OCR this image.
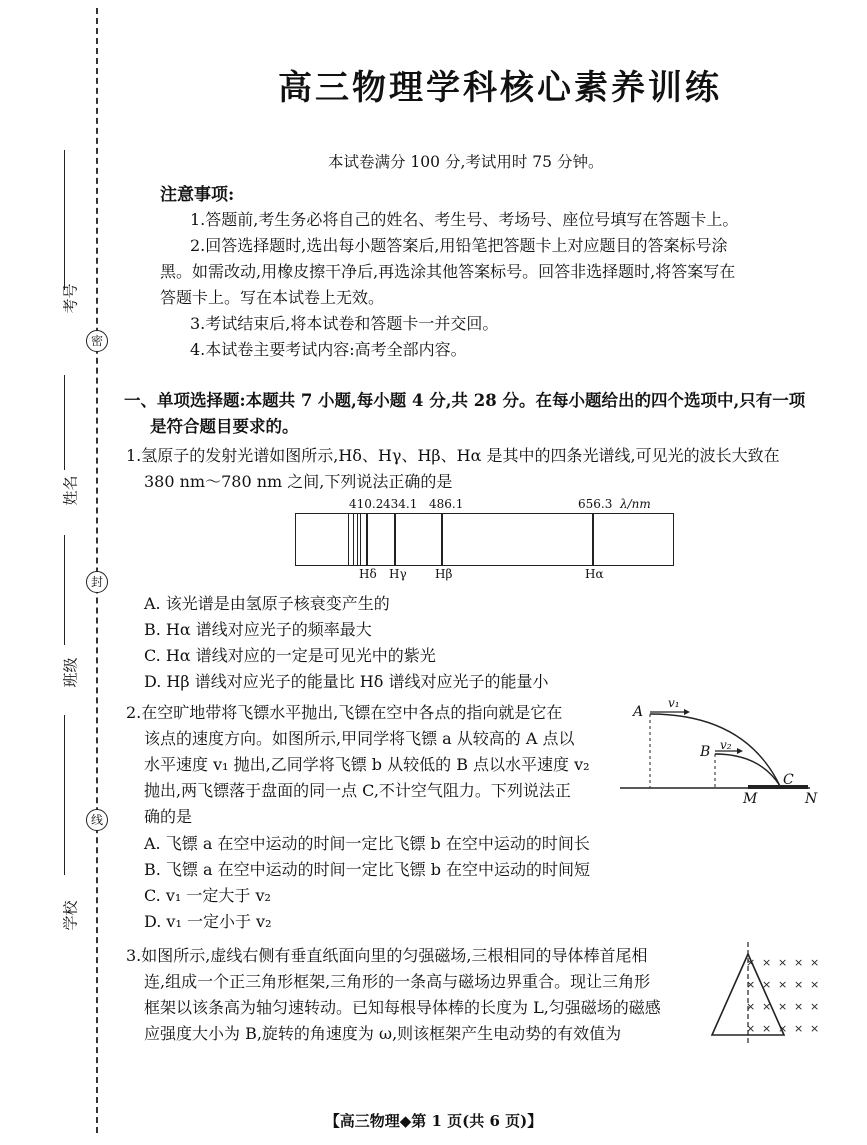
考号
姓名
班级
学校
密
封
线
高三物理学科核心素养训练
本试卷满分 100 分,考试用时 75 分钟。
注意事项:
1.答题前,考生务必将自己的姓名、考生号、考场号、座位号填写在答题卡上。
2.回答选择题时,选出每小题答案后,用铅笔把答题卡上对应题目的答案标号涂
黑。如需改动,用橡皮擦干净后,再选涂其他答案标号。回答非选择题时,将答案写在
答题卡上。写在本试卷上无效。
3.考试结束后,将本试卷和答题卡一并交回。
4.本试卷主要考试内容:高考全部内容。
一、单项选择题:本题共 7 小题,每小题 4 分,共 28 分。在每小题给出的四个选项中,只有一项
是符合题目要求的。
1.氢原子的发射光谱如图所示,Hδ、Hγ、Hβ、Hα 是其中的四条光谱线,可见光的波长大致在
380 nm～780 nm 之间,下列说法正确的是
410.2 434.1 486.1	656.3 λ/nm
Hδ Hγ Hβ	Hα
A. 该光谱是由氢原子核衰变产生的
B. Hα 谱线对应光子的频率最大
C. Hα 谱线对应的一定是可见光中的紫光
D. Hβ 谱线对应光子的能量比 Hδ 谱线对应光子的能量小
2.在空旷地带将飞镖水平抛出,飞镖在空中各点的指向就是它在
该点的速度方向。如图所示,甲同学将飞镖 a 从较高的 A 点以
水平速度 v₁ 抛出,乙同学将飞镖 b 从较低的 B 点以水平速度 v₂
抛出,两飞镖落于盘面的同一点 C,不计空气阻力。下列说法正
确的是
A. 飞镖 a 在空中运动的时间一定比飞镖 b 在空中运动的时间长
B. 飞镖 a 在空中运动的时间一定比飞镖 b 在空中运动的时间短
C. v₁ 一定大于 v₂
D. v₁ 一定小于 v₂
A
v₁
B v₂
C
M	N
3.如图所示,虚线右侧有垂直纸面向里的匀强磁场,三根相同的导体棒首尾相
连,组成一个正三角形框架,三角形的一条高与磁场边界重合。现让三角形
框架以该条高为轴匀速转动。已知每根导体棒的长度为 L,匀强磁场的磁感
应强度大小为 B,旋转的角速度为 ω,则该框架产生电动势的有效值为
× × × ×
× × × ×
× × × ×
× × × ×
×
×
×
×
【高三物理◆第 1 页(共 6 页)】
